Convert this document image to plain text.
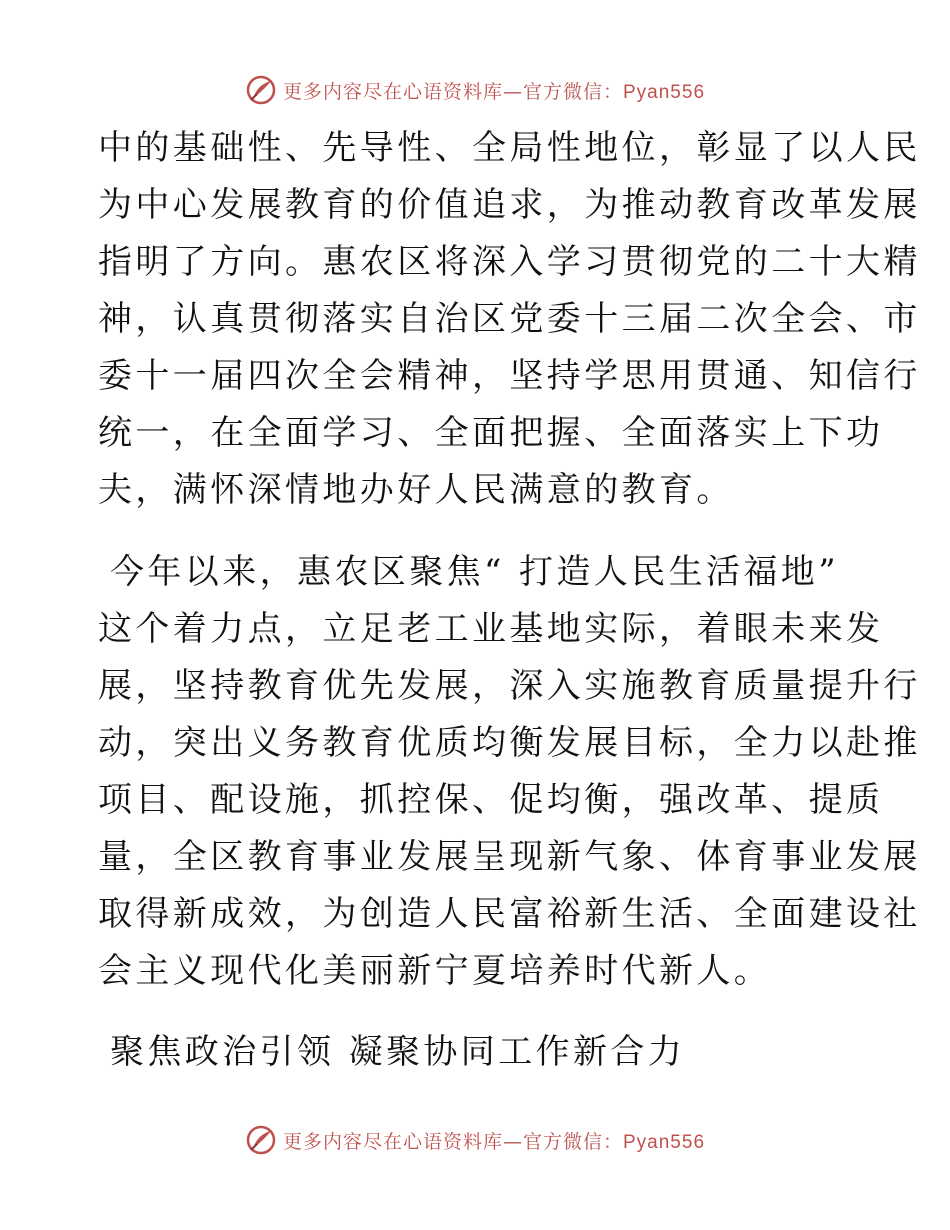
更多内容尽在心语资料库—官方微信：Pyan556
中的基础性、先导性、全局性地位，彰显了以人民
为中心发展教育的价值追求，为推动教育改革发展
指明了方向。惠农区将深入学习贯彻党的二十大精
神，认真贯彻落实自治区党委十三届二次全会、市
委十一届四次全会精神，坚持学思用贯通、知信行
统一，在全面学习、全面把握、全面落实上下功
夫，满怀深情地办好人民满意的教育。
今年以来，惠农区聚焦“ 打造人民生活福地”
这个着力点，立足老工业基地实际，着眼未来发
展，坚持教育优先发展，深入实施教育质量提升行
动，突出义务教育优质均衡发展目标，全力以赴推
项目、配设施，抓控保、促均衡，强改革、提质
量，全区教育事业发展呈现新气象、体育事业发展
取得新成效，为创造人民富裕新生活、全面建设社
会主义现代化美丽新宁夏培养时代新人。
聚焦政治引领 凝聚协同工作新合力
更多内容尽在心语资料库—官方微信：Pyan556
